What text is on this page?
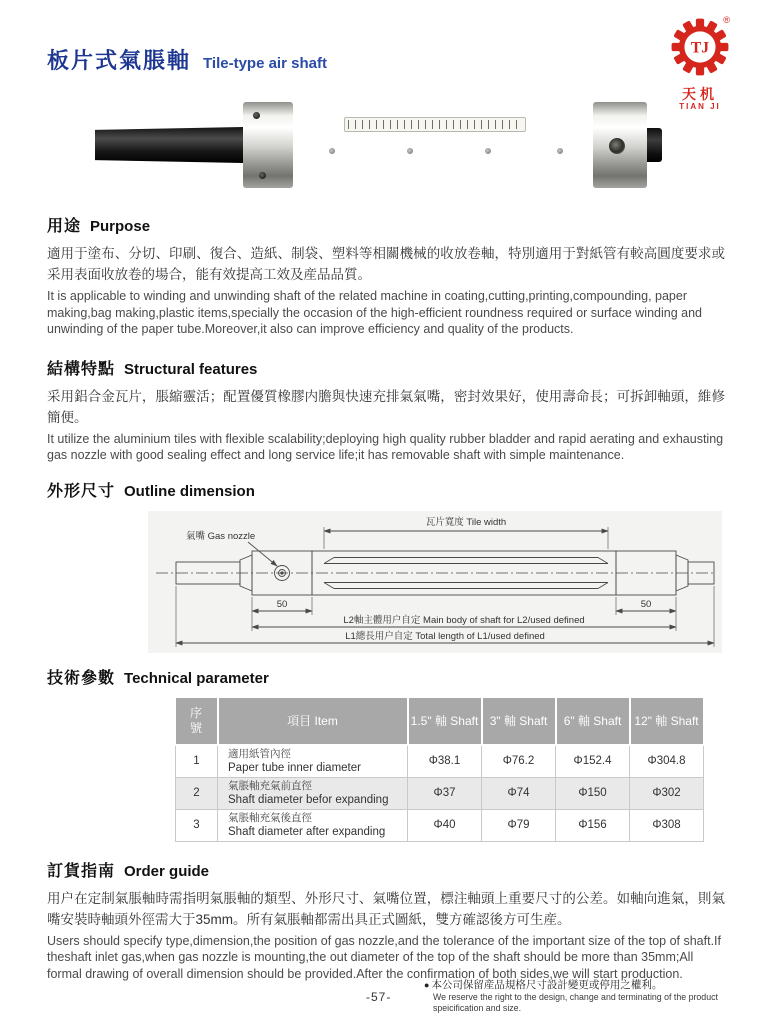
TJ
®
天机
TIAN JI
板片式氣脹軸 Tile-type air shaft
用途 Purpose

適用于塗布、分切、印刷、復合、造紙、制袋、塑料等相關機械的收放卷軸，特別適用于對紙管有較高圓度要求或采用表面收放卷的場合，能有效提高工效及産品品質。

It is applicable to winding and unwinding shaft of the related machine in coating,cutting,printing,compounding, paper making,bag making,plastic items,specially the occasion of the high-efficient roundness required or surface winding and unwinding of the paper tube.Moreover,it also can improve efficiency and quality of the products.

結構特點 Structural features

采用鋁合金瓦片，脹縮靈活；配置優質橡膠内膽與快速充排氣氣嘴，密封效果好，使用壽命長；可拆卸軸頭，維修簡便。

It utilize the aluminium tiles with flexible scalability;deploying high quality rubber bladder and rapid aerating and exhausting gas nozzle with good sealing effect and long service life;it has removable shaft with simple maintenance.

外形尺寸 Outline dimension
瓦片寬度 Tile width
氣嘴 Gas nozzle
50	50
L2軸主體用户自定 Main body of shaft for L2/used defined
L1總長用户自定 Total length of L1/used defined
技術參數 Technical parameter
序號	項目 Item	1.5" 軸 Shaft	3" 軸 Shaft	6" 軸 Shaft	12" 軸 Shaft
1	適用紙管內徑
Paper tube inner diameter	Φ38.1	Φ76.2	Φ152.4	Φ304.8
2	氣脹軸充氣前直徑
Shaft diameter befor expanding	Φ37	Φ74	Φ150	Φ302
3	氣脹軸充氣後直徑
Shaft diameter after expanding	Φ40	Φ79	Φ156	Φ308
訂貨指南 Order guide

用户在定制氣脹軸時需指明氣脹軸的類型、外形尺寸、氣嘴位置，標注軸頭上重要尺寸的公差。如軸向進氣，則氣嘴安裝時軸頭外徑需大于35mm。所有氣脹軸都需出具正式圖紙，雙方確認後方可生産。

Users should specify type,dimension,the position of gas nozzle,and the tolerance of the important size of the top of shaft.If theshaft inlet gas,when gas nozzle is mounting,the out diameter of the top of the shaft should be more than 35mm;All formal drawing of overall dimension should be provided.After the confirmation of both sides,we will start production.

-57-
● 本公司保留産品規格尺寸設計變更或停用之權利。
We reserve the right to the design, change and terminating of the product speicification and size.
